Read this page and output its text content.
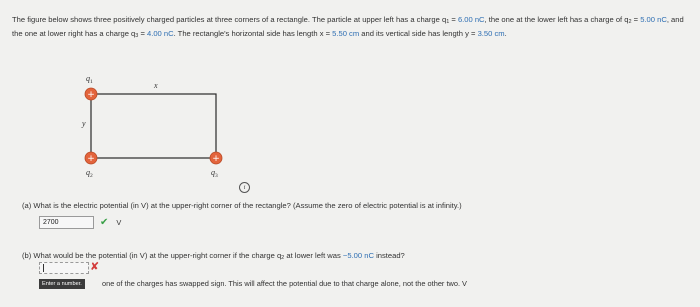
The figure below shows three positively charged particles at three corners of a rectangle. The particle at upper left has a charge $q_1 = 6.00$ nC, the one at the lower left has a charge of $q_2 = 5.00$ nC, and the one at lower right has a charge $q_3 = 4.00$ nC. The rectangle's horizontal side has length x = 5.50 cm and its vertical side has length y = 3.50 cm.
+
+	+
$q_1$	x
y
$q_2$	$q_3$
i
(a) What is the electric potential (in V) at the upper-right corner of the rectangle? (Assume the zero of electric potential is at infinity.)
2700	✔ V
(b) What would be the potential (in V) at the upper-right corner if the charge $q_2$ at lower left was −5.00 nC instead?
✘
Enter a number.	one of the charges has swapped sign. This will affect the potential due to that charge alone, not the other two. V
